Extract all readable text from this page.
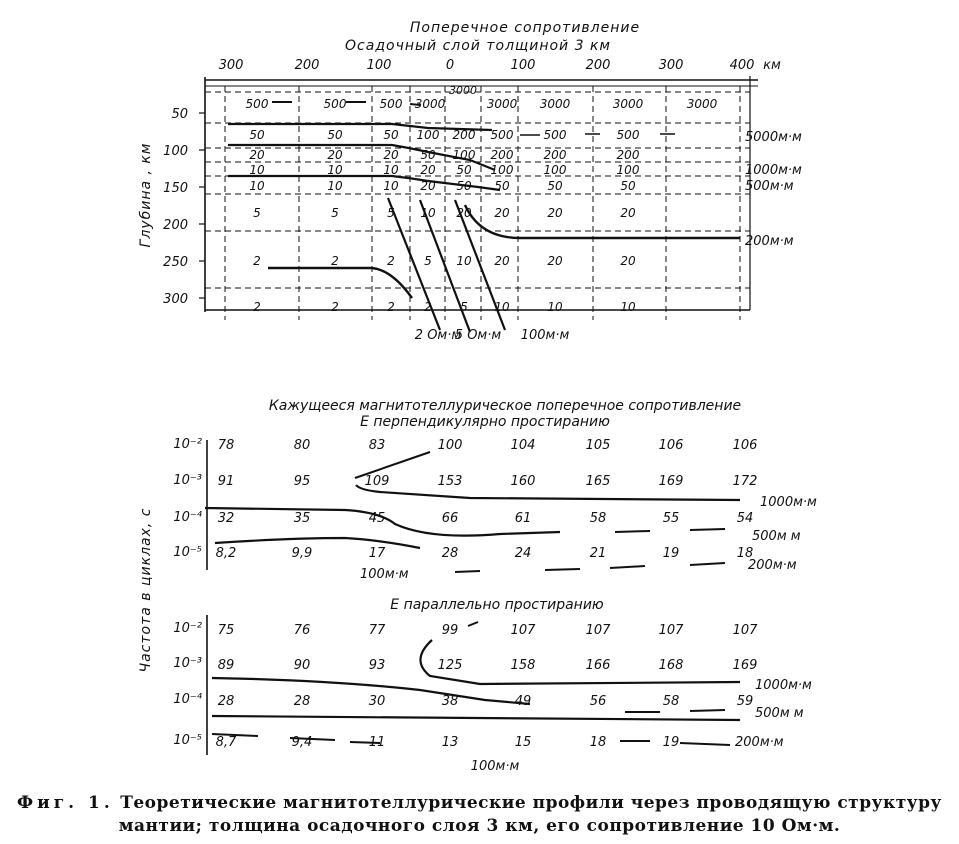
Поперечное сопротивление
Осадочный слой толщиной 3 км
300	200	100	0	100	200	300	400 км
Глубина , км
50
100
150
200
250
300
500	500	500 3000	3000 3000	3000	3000
50	50	50 100 200 500	500	500
20	20	20 50 100 200	200	200
10	10	10 20 50 100	100	100
10	10	10 20 50 50	50	50
5	5	5 10 20 20	20	20
2	2	2 5 10 20	20	20
2	2	2 2 5 10	10	10
3000
5000м·м
1000м·м
500м·м
200м·м
2 Ом·м
5 Ом·м 100м·м
Кажущееся магнитотеллурическое поперечное сопротивление
Е перпендикулярно простиранию
10⁻²
10⁻³
10⁻⁴
10⁻⁵
78	80	83	100	104	105	106	106
91	95	109	153	160	165	169	172
32	35	45	66	61	58	55	54
8,2	9,9	17	28	24	21	19	18
1000м·м
500м м
100м·м
200м·м
Частота в циклах, с	Е параллельно простиранию
10⁻²
10⁻³
10⁻⁴
10⁻⁵
75	76	77	99	107	107	107	107
89	90	93	125	158	166	168	169
28	28	30	38	49	56	58	59
8,7	9,4	11	13	15	18	19
1000м·м
500м м
200м·м
100м·м
Фиг. 1. Теоретические магнитотеллурические профили через проводящую структуру
мантии; толщина осадочного слоя 3 км, его сопротивление 10 Ом·м.
